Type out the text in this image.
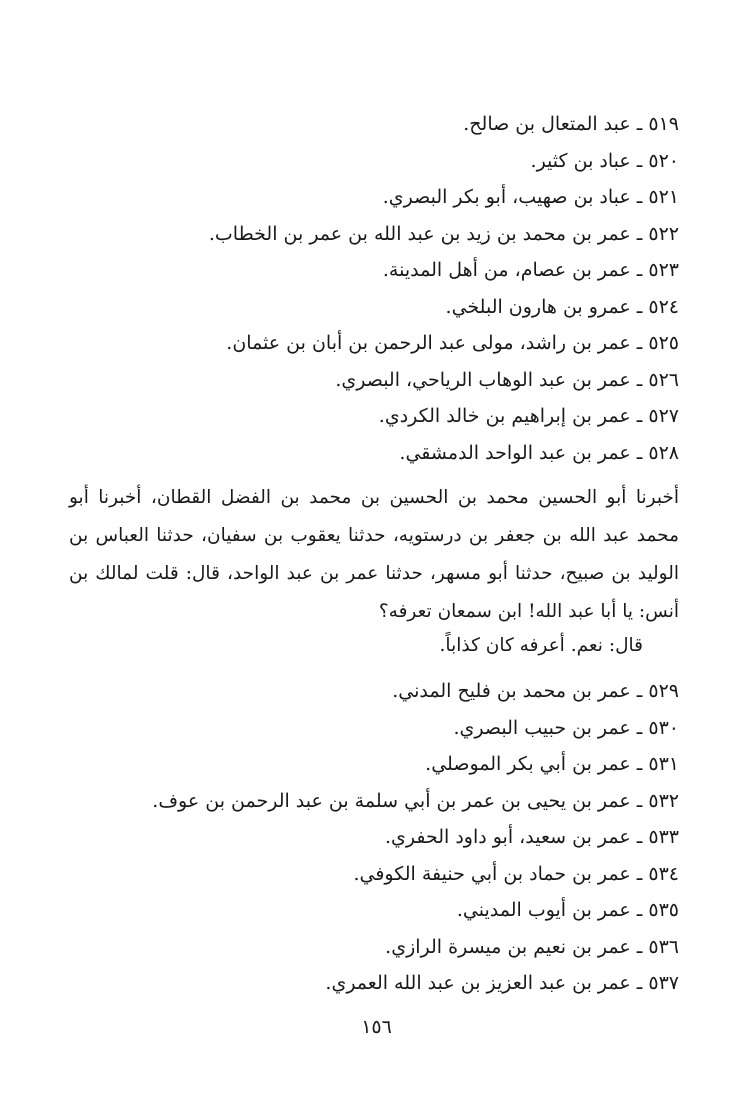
٥١٩ ـ عبد المتعال بن صالح.
٥٢٠ ـ عباد بن كثير.
٥٢١ ـ عباد بن صهيب، أبو بكر البصري.
٥٢٢ ـ عمر بن محمد بن زيد بن عبد الله بن عمر بن الخطاب.
٥٢٣ ـ عمر بن عصام، من أهل المدينة.
٥٢٤ ـ عمرو بن هارون البلخي.
٥٢٥ ـ عمر بن راشد، مولى عبد الرحمن بن أبان بن عثمان.
٥٢٦ ـ عمر بن عبد الوهاب الرياحي، البصري.
٥٢٧ ـ عمر بن إبراهيم بن خالد الكردي.
٥٢٨ ـ عمر بن عبد الواحد الدمشقي.

أخبرنا أبو الحسين محمد بن الحسين بن محمد بن الفضل القطان، أخبرنا أبو محمد عبد الله بن جعفر بن درستويه، حدثنا يعقوب بن سفيان، حدثنا العباس بن الوليد بن صبيح، حدثنا أبو مسهر، حدثنا عمر بن عبد الواحد، قال: قلت لمالك بن أنس: يا أبا عبد الله! ابن سمعان تعرفه؟

قال: نعم. أعرفه كان كذاباً.

٥٢٩ ـ عمر بن محمد بن فليح المدني.
٥٣٠ ـ عمر بن حبيب البصري.
٥٣١ ـ عمر بن أبي بكر الموصلي.
٥٣٢ ـ عمر بن يحيى بن عمر بن أبي سلمة بن عبد الرحمن بن عوف.
٥٣٣ ـ عمر بن سعيد، أبو داود الحفري.
٥٣٤ ـ عمر بن حماد بن أبي حنيفة الكوفي.
٥٣٥ ـ عمر بن أيوب المديني.
٥٣٦ ـ عمر بن نعيم بن ميسرة الرازي.
٥٣٧ ـ عمر بن عبد العزيز بن عبد الله العمري.
١٥٦
